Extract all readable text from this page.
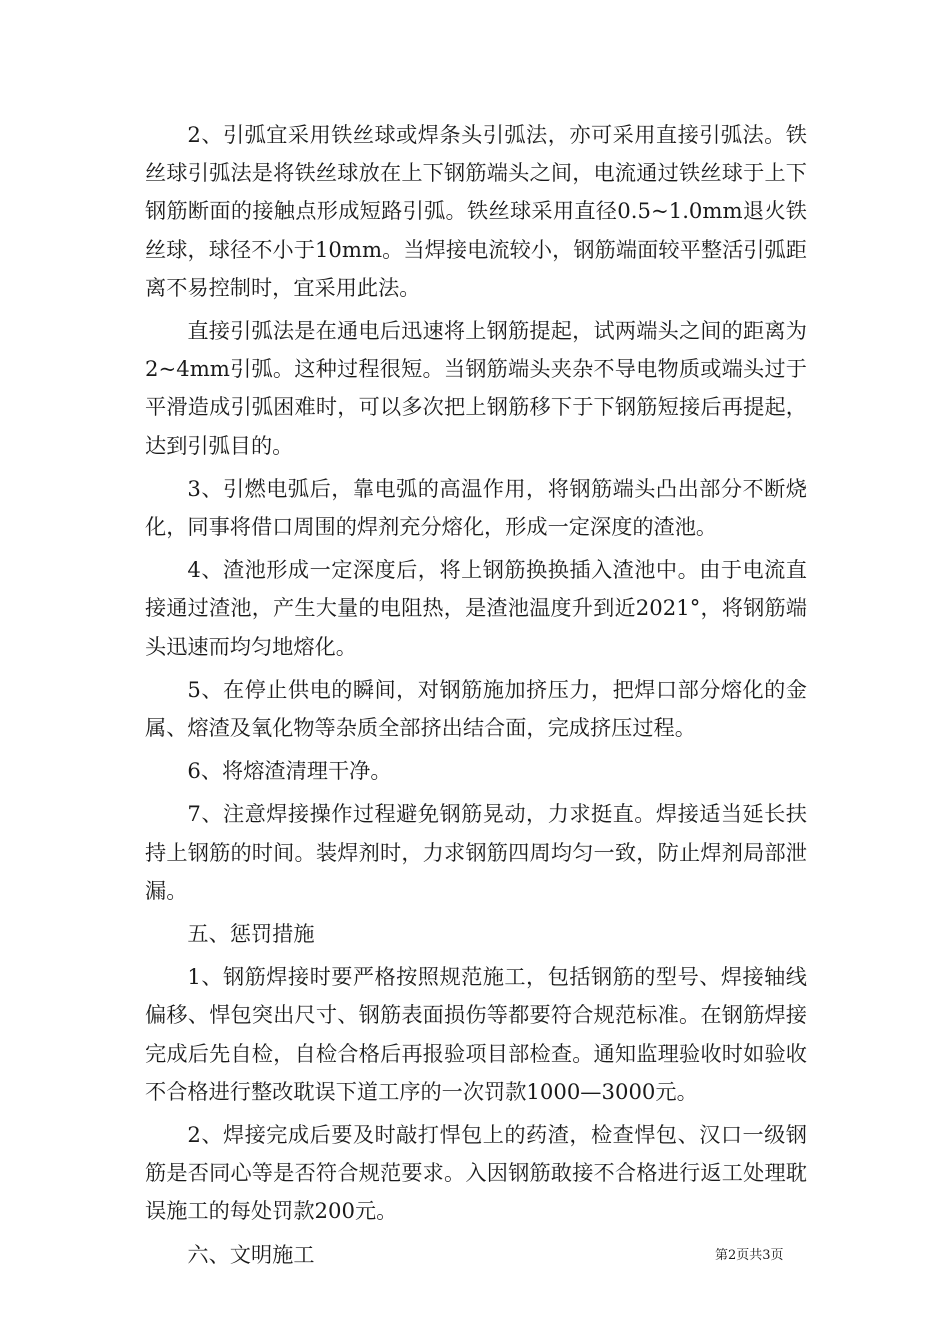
2、引弧宜采用铁丝球或焊条头引弧法，亦可采用直接引弧法。铁丝球引弧法是将铁丝球放在上下钢筋端头之间，电流通过铁丝球于上下钢筋断面的接触点形成短路引弧。铁丝球采用直径0.5~1.0mm退火铁丝球，球径不小于10mm。当焊接电流较小，钢筋端面较平整活引弧距离不易控制时，宜采用此法。

直接引弧法是在通电后迅速将上钢筋提起，试两端头之间的距离为2~4mm引弧。这种过程很短。当钢筋端头夹杂不导电物质或端头过于平滑造成引弧困难时，可以多次把上钢筋移下于下钢筋短接后再提起，达到引弧目的。

3、引燃电弧后，靠电弧的高温作用，将钢筋端头凸出部分不断烧化，同事将借口周围的焊剂充分熔化，形成一定深度的渣池。

4、渣池形成一定深度后，将上钢筋换换插入渣池中。由于电流直接通过渣池，产生大量的电阻热，是渣池温度升到近2021°，将钢筋端头迅速而均匀地熔化。

5、在停止供电的瞬间，对钢筋施加挤压力，把焊口部分熔化的金属、熔渣及氧化物等杂质全部挤出结合面，完成挤压过程。

6、将熔渣清理干净。

7、注意焊接操作过程避免钢筋晃动，力求挺直。焊接适当延长扶持上钢筋的时间。装焊剂时，力求钢筋四周均匀一致，防止焊剂局部泄漏。

五、惩罚措施

1、钢筋焊接时要严格按照规范施工，包括钢筋的型号、焊接轴线偏移、悍包突出尺寸、钢筋表面损伤等都要符合规范标准。在钢筋焊接完成后先自检，自检合格后再报验项目部检查。通知监理验收时如验收不合格进行整改耽误下道工序的一次罚款1000—3000元。

2、焊接完成后要及时敲打悍包上的药渣，检查悍包、汉口一级钢筋是否同心等是否符合规范要求。入因钢筋敢接不合格进行返工处理耽误施工的每处罚款200元。

六、文明施工	第2页共3页
